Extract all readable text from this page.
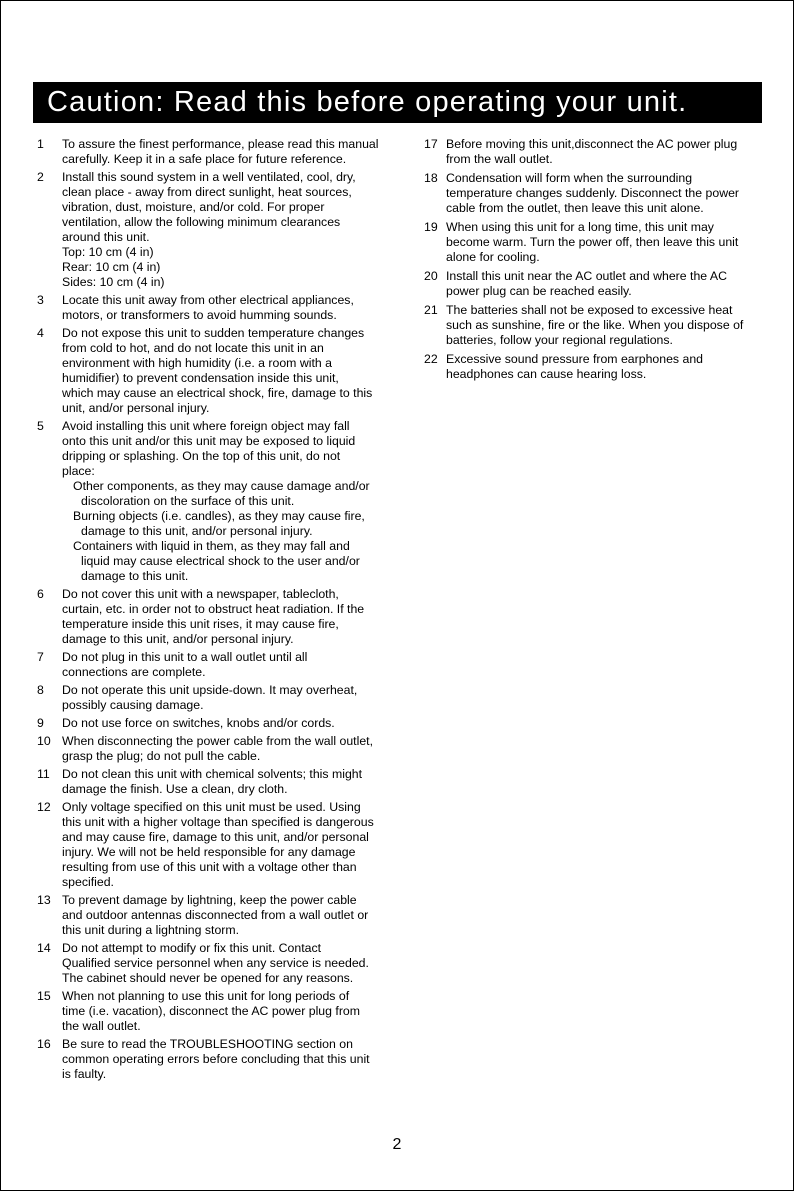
Caution: Read this before operating your unit.
1 To assure the finest performance, please read this manual
carefully. Keep it in a safe place for future reference.
2 Install this sound system in a well ventilated, cool, dry,
clean place - away from direct sunlight, heat sources,
vibration, dust, moisture, and/or cold. For proper
ventilation, allow the following minimum clearances
around this unit.
Top: 10 cm (4 in)
Rear: 10 cm (4 in)
Sides: 10 cm (4 in)
3 Locate this unit away from other electrical appliances,
motors, or transformers to avoid humming sounds.
4 Do not expose this unit to sudden temperature changes
from cold to hot, and do not locate this unit in an
environment with high humidity (i.e. a room with a
humidifier) to prevent condensation inside this unit,
which may cause an electrical shock, fire, damage to this
unit, and/or personal injury.
5 Avoid installing this unit where foreign object may fall
onto this unit and/or this unit may be exposed to liquid
dripping or splashing. On the top of this unit, do not
place:
Other components, as they may cause damage and/or
discoloration on the surface of this unit.
Burning objects (i.e. candles), as they may cause fire,
damage to this unit, and/or personal injury.
Containers with liquid in them, as they may fall and
liquid may cause electrical shock to the user and/or
damage to this unit.
6 Do not cover this unit with a newspaper, tablecloth,
curtain, etc. in order not to obstruct heat radiation. If the
temperature inside this unit rises, it may cause fire,
damage to this unit, and/or personal injury.
7 Do not plug in this unit to a wall outlet until all
connections are complete.
8 Do not operate this unit upside-down. It may overheat,
possibly causing damage.
9 Do not use force on switches, knobs and/or cords.
10 When disconnecting the power cable from the wall outlet,
grasp the plug; do not pull the cable.
11 Do not clean this unit with chemical solvents; this might
damage the finish. Use a clean, dry cloth.
12 Only voltage specified on this unit must be used. Using
this unit with a higher voltage than specified is dangerous
and may cause fire, damage to this unit, and/or personal
injury. We will not be held responsible for any damage
resulting from use of this unit with a voltage other than
specified.
13 To prevent damage by lightning, keep the power cable
and outdoor antennas disconnected from a wall outlet or
this unit during a lightning storm.
14 Do not attempt to modify or fix this unit. Contact
Qualified service personnel when any service is needed.
The cabinet should never be opened for any reasons.
15 When not planning to use this unit for long periods of
time (i.e. vacation), disconnect the AC power plug from
the wall outlet.
16 Be sure to read the TROUBLESHOOTING section on
common operating errors before concluding that this unit
is faulty.
17 Before moving this unit,disconnect the AC power plug
from the wall outlet.
18 Condensation will form when the surrounding
temperature changes suddenly. Disconnect the power
cable from the outlet, then leave this unit alone.
19 When using this unit for a long time, this unit may
become warm. Turn the power off, then leave this unit
alone for cooling.
20 Install this unit near the AC outlet and where the AC
power plug can be reached easily.
21 The batteries shall not be exposed to excessive heat
such as sunshine, fire or the like. When you dispose of
batteries, follow your regional regulations.
22 Excessive sound pressure from earphones and
headphones can cause hearing loss.
2
